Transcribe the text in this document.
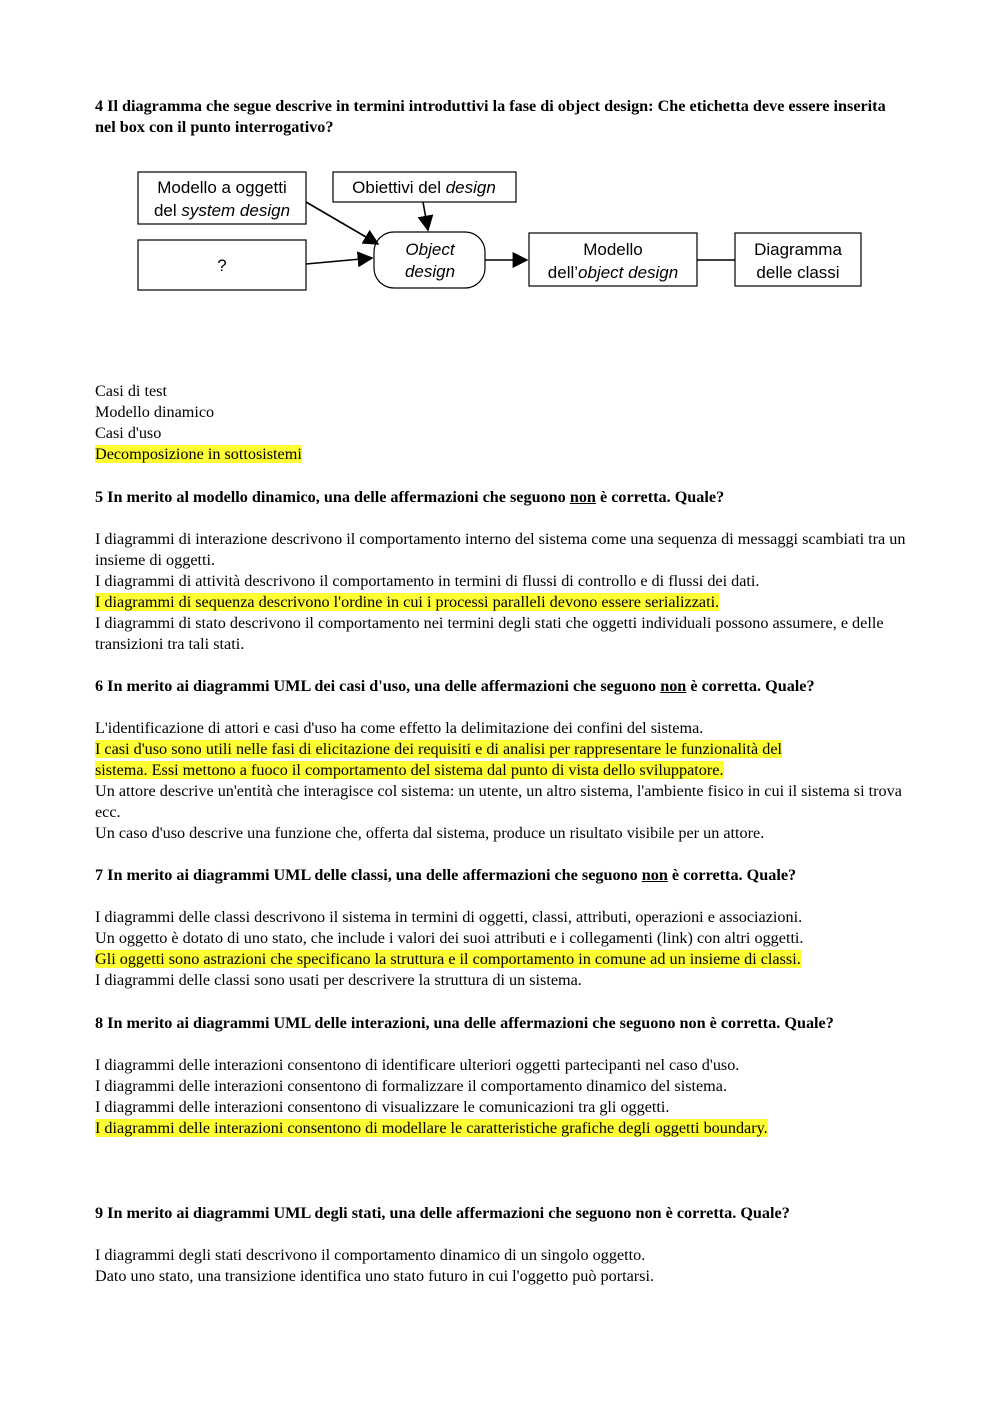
4 Il diagramma che segue descrive in termini introduttivi la fase di object design: Che etichetta deve essere inserita nel box con il punto interrogativo?

Modello a oggetti
del system design
Obiettivi del design
?
Object
design
Modello
dell’object design
Diagramma
delle classi

Casi di test

Modello dinamico

Casi d'uso

Decomposizione in sottosistemi

5 In merito al modello dinamico, una delle affermazioni che seguono non è corretta. Quale?

I diagrammi di interazione descrivono il comportamento interno del sistema come una sequenza di messaggi scambiati tra un insieme di oggetti.

I diagrammi di attività descrivono il comportamento in termini di flussi di controllo e di flussi dei dati.

I diagrammi di sequenza descrivono l'ordine in cui i processi paralleli devono essere serializzati.

I diagrammi di stato descrivono il comportamento nei termini degli stati che oggetti individuali possono assumere, e delle transizioni tra tali stati.

6 In merito ai diagrammi UML dei casi d'uso, una delle affermazioni che seguono non è corretta. Quale?

L'identificazione di attori e casi d'uso ha come effetto la delimitazione dei confini del sistema.

I casi d'uso sono utili nelle fasi di elicitazione dei requisiti e di analisi per rappresentare le funzionalità del

sistema. Essi mettono a fuoco il comportamento del sistema dal punto di vista dello sviluppatore.

Un attore descrive un'entità che interagisce col sistema: un utente, un altro sistema, l'ambiente fisico in cui il sistema si trova ecc.

Un caso d'uso descrive una funzione che, offerta dal sistema, produce un risultato visibile per un attore.

7 In merito ai diagrammi UML delle classi, una delle affermazioni che seguono non è corretta. Quale?

I diagrammi delle classi descrivono il sistema in termini di oggetti, classi, attributi, operazioni e associazioni.

Un oggetto è dotato di uno stato, che include i valori dei suoi attributi e i collegamenti (link) con altri oggetti.

Gli oggetti sono astrazioni che specificano la struttura e il comportamento in comune ad un insieme di classi.

I diagrammi delle classi sono usati per descrivere la struttura di un sistema.

8 In merito ai diagrammi UML delle interazioni, una delle affermazioni che seguono non è corretta. Quale?

I diagrammi delle interazioni consentono di identificare ulteriori oggetti partecipanti nel caso d'uso.

I diagrammi delle interazioni consentono di formalizzare il comportamento dinamico del sistema.

I diagrammi delle interazioni consentono di visualizzare le comunicazioni tra gli oggetti.

I diagrammi delle interazioni consentono di modellare le caratteristiche grafiche degli oggetti boundary.

9 In merito ai diagrammi UML degli stati, una delle affermazioni che seguono non è corretta. Quale?

I diagrammi degli stati descrivono il comportamento dinamico di un singolo oggetto.

Dato uno stato, una transizione identifica uno stato futuro in cui l'oggetto può portarsi.
